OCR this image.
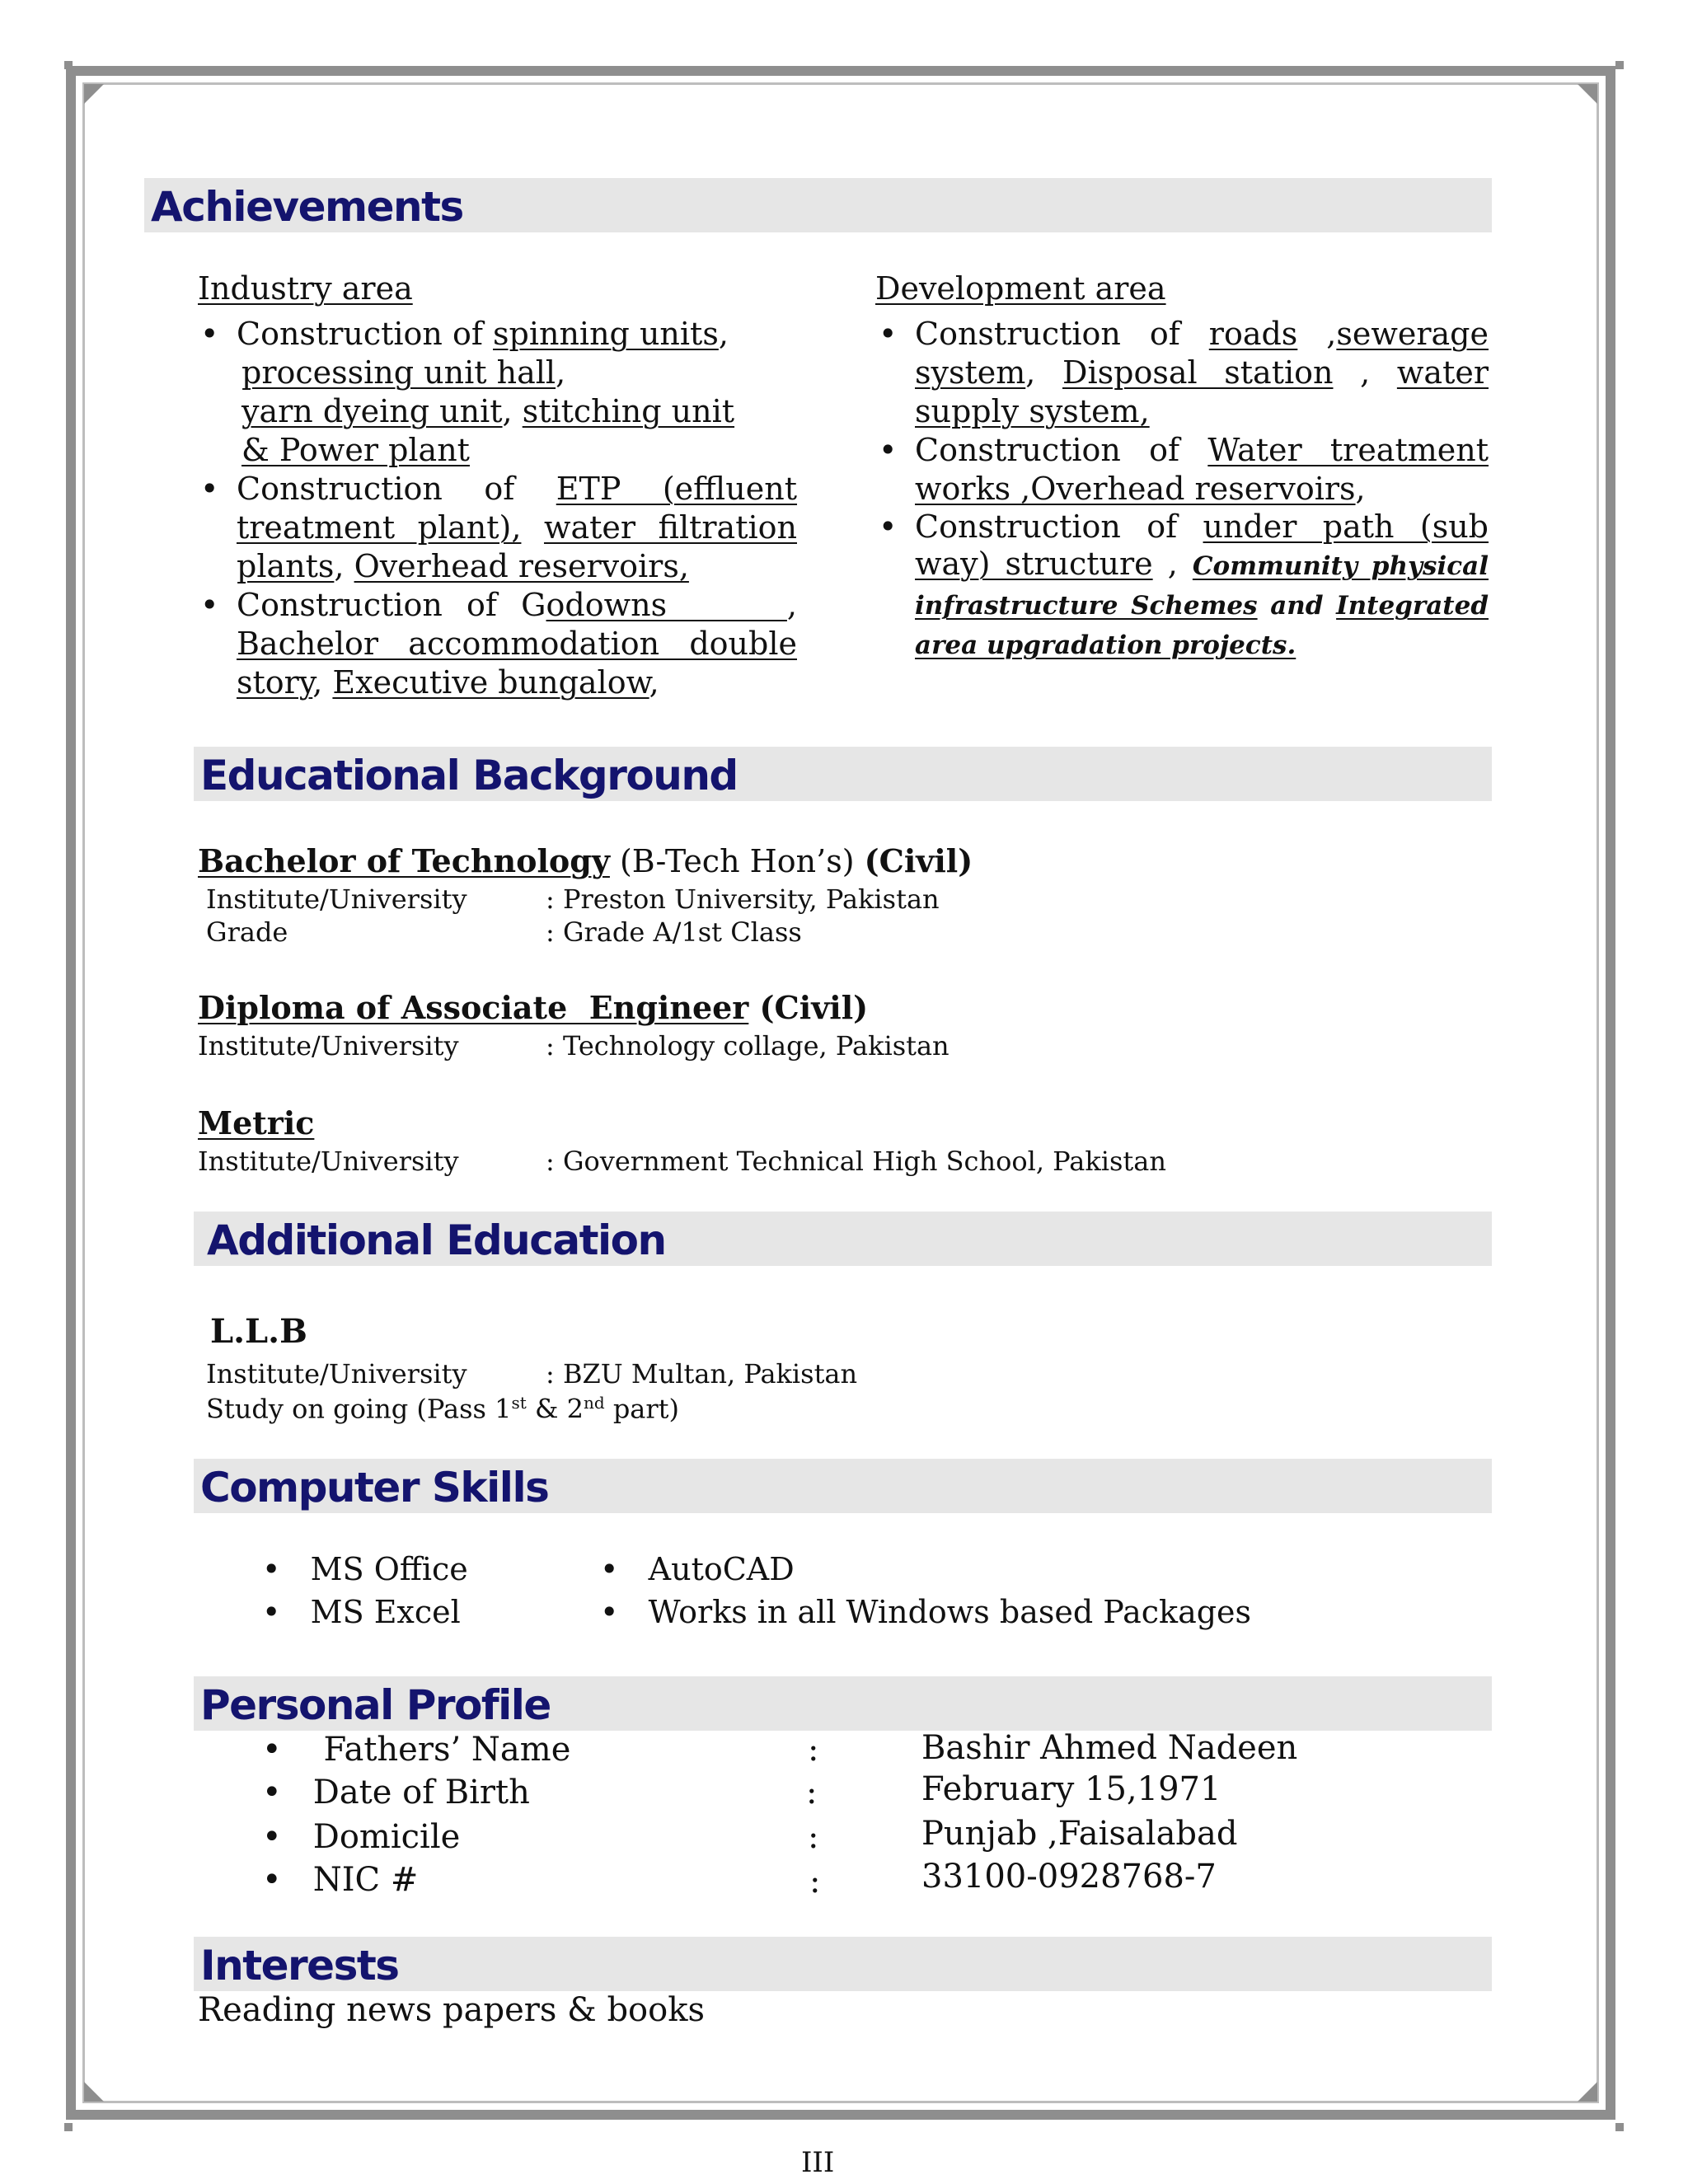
Achievements
Industry area	Development area
• Construction of spinning units,
processing unit hall,
yarn dyeing unit, stitching unit
& Power plant
• Construction of ETP (effluent treatment plant), water filtration plants, Overhead reservoirs,
• Construction of Godowns     , Bachelor accommodation double story, Executive bungalow,
• Construction of roads ,sewerage system, Disposal station , water supply system,
• Construction of Water treatment works ,Overhead reservoirs,
• Construction of under path (sub way) structure , Community physical infrastructure Schemes and Integrated area upgradation projects.
Educational Background
Bachelor of Technology (B-Tech Hon’s) (Civil)
Institute/University	: Preston University, Pakistan
Grade	: Grade A/1st Class
Diploma of Associate  Engineer (Civil)
Institute/University	: Technology collage, Pakistan
Metric
Institute/University	: Government Technical High School, Pakistan
Additional Education
L.L.B
Institute/University	: BZU Multan, Pakistan
Study on going (Pass 1st & 2nd part)
Computer Skills
• MS Office
• MS Excel
• AutoCAD
• Works in all Windows based Packages
Personal Profile
• Fathers’ Name	:	Bashir Ahmed Nadeen
• Date of Birth	:	February 15,1971
• Domicile	:	Punjab ,Faisalabad
• NIC #	:	33100-0928768-7
Interests
Reading news papers & books
III
